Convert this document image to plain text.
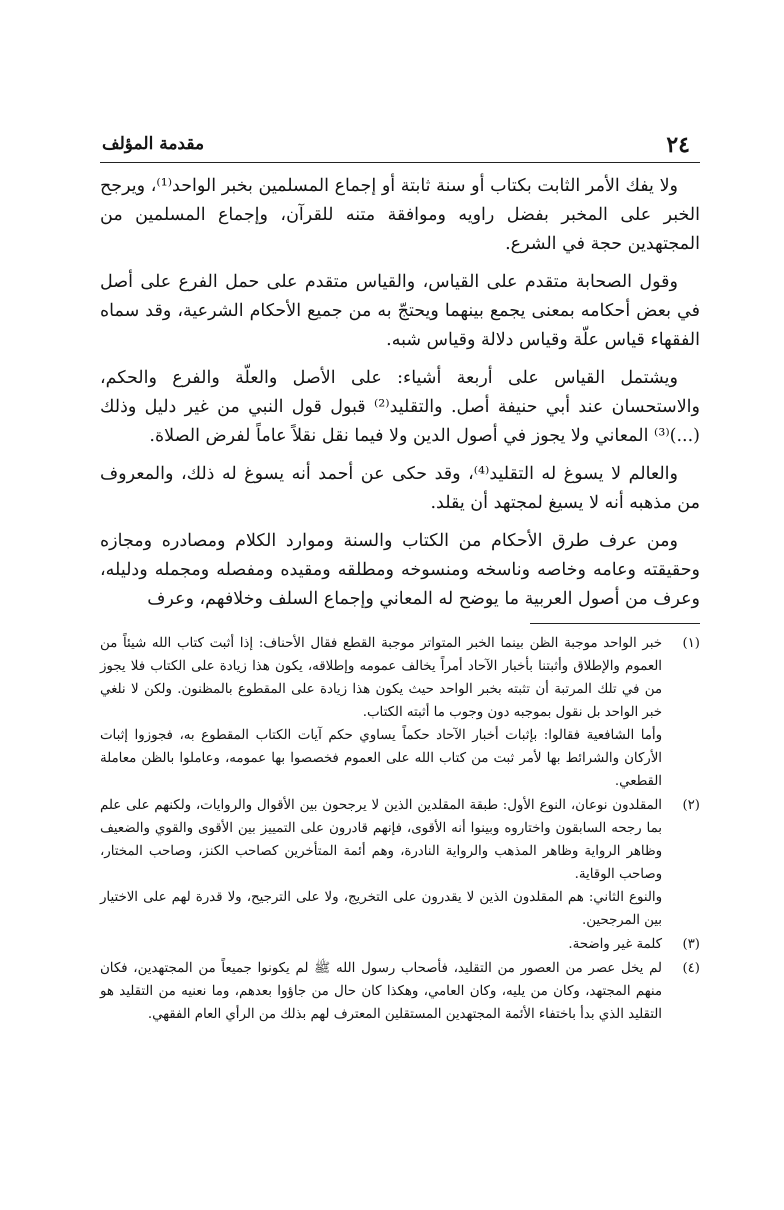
٢٤
مقدمة المؤلف

ولا يفك الأمر الثابت بكتاب أو سنة ثابتة أو إجماع المسلمين بخبر الواحد⁽¹⁾، ويرجح الخبر على المخبر بفضل راويه وموافقة متنه للقرآن، وإجماع المسلمين من المجتهدين حجة في الشرع.

وقول الصحابة متقدم على القياس، والقياس متقدم على حمل الفرع على أصل في بعض أحكامه بمعنى يجمع بينهما ويحتجّ به من جميع الأحكام الشرعية، وقد سماه الفقهاء قياس علّة وقياس دلالة وقياس شبه.

ويشتمل القياس على أربعة أشياء: على الأصل والعلّة والفرع والحكم، والاستحسان عند أبي حنيفة أصل. والتقليد⁽²⁾ قبول قول النبي من غير دليل وذلك (...)⁽³⁾ المعاني ولا يجوز في أصول الدين ولا فيما نقل نقلاً عاماً لفرض الصلاة.

والعالم لا يسوغ له التقليد⁽⁴⁾، وقد حكى عن أحمد أنه يسوغ له ذلك، والمعروف من مذهبه أنه لا يسيغ لمجتهد أن يقلد.

ومن عرف طرق الأحكام من الكتاب والسنة وموارد الكلام ومصادره ومجازه وحقيقته وعامه وخاصه وناسخه ومنسوخه ومطلقه ومقيده ومفصله ومجمله ودليله، وعرف من أصول العربية ما يوضح له المعاني وإجماع السلف وخلافهم، وعرف

(١)

خبر الواحد موجبة الظن بينما الخبر المتواتر موجبة القطع فقال الأحناف: إذا أثبت كتاب الله شيئاً من العموم والإطلاق وأثبتنا بأخبار الآحاد أمراً يخالف عمومه وإطلاقه، يكون هذا زيادة على الكتاب فلا يجوز من في تلك المرتبة أن تثبته بخبر الواحد حيث يكون هذا زيادة على المقطوع بالمظنون. ولكن لا نلغي خبر الواحد بل نقول بموجبه دون وجوب ما أثبته الكتاب.

وأما الشافعية فقالوا: بإثبات أخبار الآحاد حكماً يساوي حكم آيات الكتاب المقطوع به، فجوزوا إثبات الأركان والشرائط بها لأمر ثبت من كتاب الله على العموم فخصصوا بها عمومه، وعاملوا بالظن معاملة القطعي.

(٢)

المقلدون نوعان، النوع الأول: طبقة المقلدين الذين لا يرجحون بين الأقوال والروايات، ولكنهم على علم بما رجحه السابقون واختاروه وبينوا أنه الأقوى، فإنهم قادرون على التمييز بين الأقوى والقوي والضعيف وظاهر الرواية وظاهر المذهب والرواية النادرة، وهم أئمة المتأخرين كصاحب الكنز، وصاحب المختار، وصاحب الوقاية.

والنوع الثاني: هم المقلدون الذين لا يقدرون على التخريج، ولا على الترجيح، ولا قدرة لهم على الاختيار بين المرجحين.

(٣)

كلمة غير واضحة.

(٤)

لم يخل عصر من العصور من التقليد، فأصحاب رسول الله ﷺ لم يكونوا جميعاً من المجتهدين، فكان منهم المجتهد، وكان من يليه، وكان العامي، وهكذا كان حال من جاؤوا بعدهم، وما نعنيه من التقليد هو التقليد الذي بدأ باختفاء الأئمة المجتهدين المستقلين المعترف لهم بذلك من الرأي العام الفقهي.
